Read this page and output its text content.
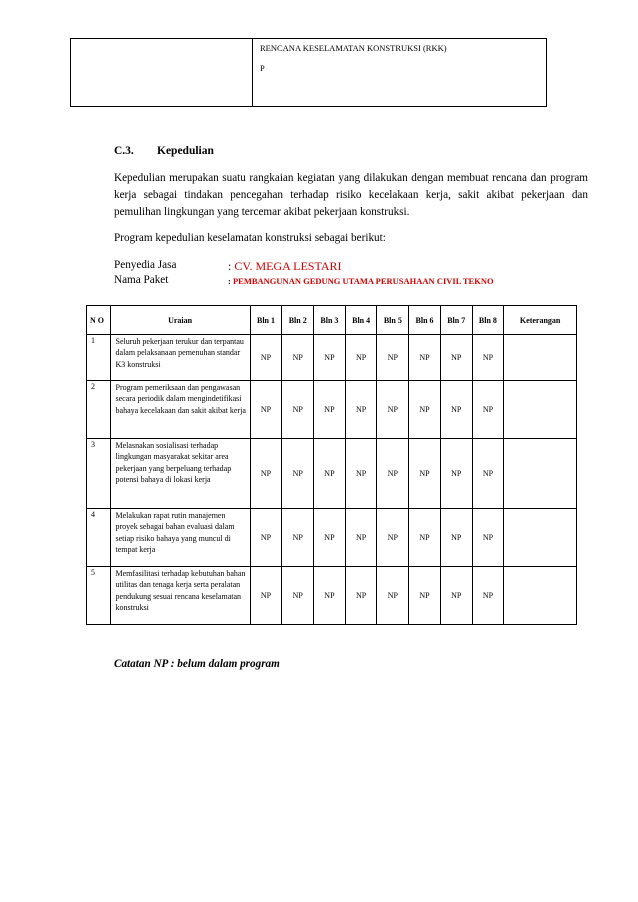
RENCANA KESELAMATAN KONSTRUKSI (RKK)
P
C.3. Kepedulian
Kepedulian merupakan suatu rangkaian kegiatan yang dilakukan dengan membuat rencana dan program kerja sebagai tindakan pencegahan terhadap risiko kecelakaan kerja, sakit akibat pekerjaan dan pemulihan lingkungan yang tercemar akibat pekerjaan konstruksi.
Program kepedulian keselamatan konstruksi sebagai berikut:
Penyedia Jasa	: CV. MEGA LESTARI
Nama Paket	: PEMBANGUNAN GEDUNG UTAMA PERUSAHAAN CIVIL TEKNO
N O	Uraian	Bln 1	Bln 2	Bln 3	Bln 4	Bln 5	Bln 6	Bln 7	Bln 8	Keterangan
1	Seluruh pekerjaan terukur dan terpantau dalam pelaksanaan pemenuhan standar K3 konstruksi	NP	NP	NP	NP	NP	NP	NP	NP	
2	Program pemeriksaan dan pengawasan secara periodik dalam mengindetifikasi bahaya kecelakaan dan sakit akibat kerja	NP	NP	NP	NP	NP	NP	NP	NP	
3	Melasnakan sosialisasi terhadap lingkungan masyarakat sekitar area pekerjaan yang berpeluang terhadap potensi bahaya di lokasi kerja	NP	NP	NP	NP	NP	NP	NP	NP	
4	Melakukan rapat rutin manajemen proyek sebagai bahan evaluasi dalam setiap risiko bahaya yang muncul di tempat kerja	NP	NP	NP	NP	NP	NP	NP	NP	
5	Memfasilitasi terhadap kebutuhan bahan utilitas dan tenaga kerja serta peralatan pendukung sesuai rencana keselamatan konstruksi	NP	NP	NP	NP	NP	NP	NP	NP	
Catatan NP : belum dalam program
